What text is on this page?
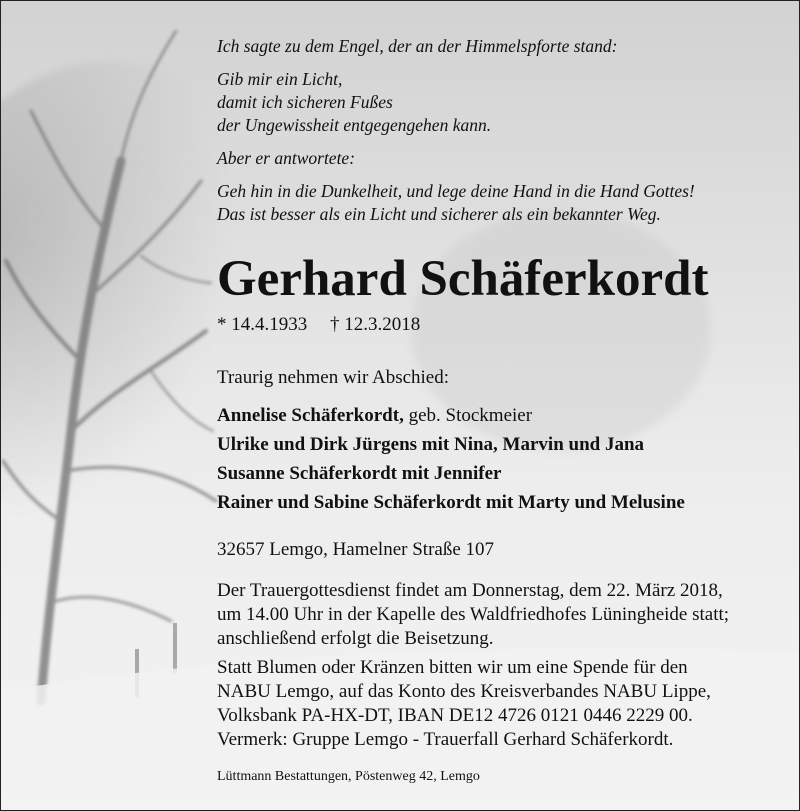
Ich sagte zu dem Engel, der an der Himmelspforte stand:

Gib mir ein Licht,
damit ich sicheren Fußes
der Ungewissheit entgegengehen kann.

Aber er antwortete:

Geh hin in die Dunkelheit, und lege deine Hand in die Hand Gottes!
Das ist besser als ein Licht und sicherer als ein bekannter Weg.

Gerhard Schäferkordt
* 14.4.1933 † 12.3.2018
Traurig nehmen wir Abschied:
Annelise Schäferkordt, geb. Stockmeier
Ulrike und Dirk Jürgens mit Nina, Marvin und Jana
Susanne Schäferkordt mit Jennifer
Rainer und Sabine Schäferkordt mit Marty und Melusine
32657 Lemgo, Hamelner Straße 107
Der Trauergottesdienst findet am Donnerstag, dem 22. März 2018,
um 14.00 Uhr in der Kapelle des Waldfriedhofes Lüningheide statt;
anschließend erfolgt die Beisetzung.
Statt Blumen oder Kränzen bitten wir um eine Spende für den
NABU Lemgo, auf das Konto des Kreisverbandes NABU Lippe,
Volksbank PA-HX-DT, IBAN DE12 4726 0121 0446 2229 00.
Vermerk: Gruppe Lemgo - Trauerfall Gerhard Schäferkordt.
Lüttmann Bestattungen, Pöstenweg 42, Lemgo
